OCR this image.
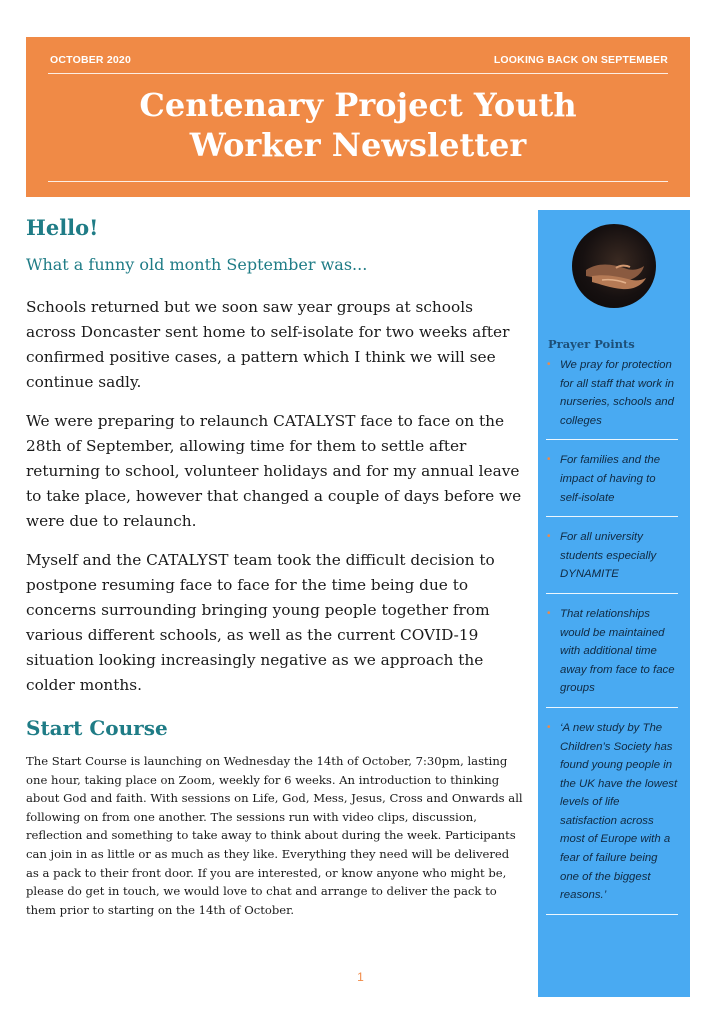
OCTOBER 2020	LOOKING BACK ON SEPTEMBER
Centenary Project Youth
Worker Newsletter
Hello!
What a funny old month September was...

Schools returned but we soon saw year groups at schools across Doncaster sent home to self-isolate for two weeks after confirmed positive cases, a pattern which I think we will see continue sadly.

We were preparing to relaunch CATALYST face to face on the 28th of September, allowing time for them to settle after returning to school, volunteer holidays and for my annual leave to take place, however that changed a couple of days before we were due to relaunch.

Myself and the CATALYST team took the difficult decision to postpone resuming face to face for the time being due to concerns surrounding bringing young people together from various different schools, as well as the current COVID-19 situation looking increasingly negative as we approach the colder months.

Start Course

The Start Course is launching on Wednesday the 14th of October, 7:30pm, lasting one hour, taking place on Zoom, weekly for 6 weeks. An introduction to thinking about God and faith. With sessions on Life, God, Mess, Jesus, Cross and Onwards all following on from one another. The sessions run with video clips, discussion, reflection and something to take away to think about during the week. Participants can join in as little or as much as they like. Everything they need will be delivered as a pack to their front door. If you are interested, or know anyone who might be, please do get in touch, we would love to chat and arrange to deliver the pack to them prior to starting on the 14th of October.

Prayer Points
• We pray for protection for all staff that work in nurseries, schools and colleges
• For families and the impact of having to self-isolate
• For all university students especially DYNAMITE
• That relationships would be maintained with additional time away from face to face groups
• ‘A new study by The Children’s Society has found young people in the UK have the lowest levels of life satisfaction across most of Europe with a fear of failure being one of the biggest reasons.’
1
